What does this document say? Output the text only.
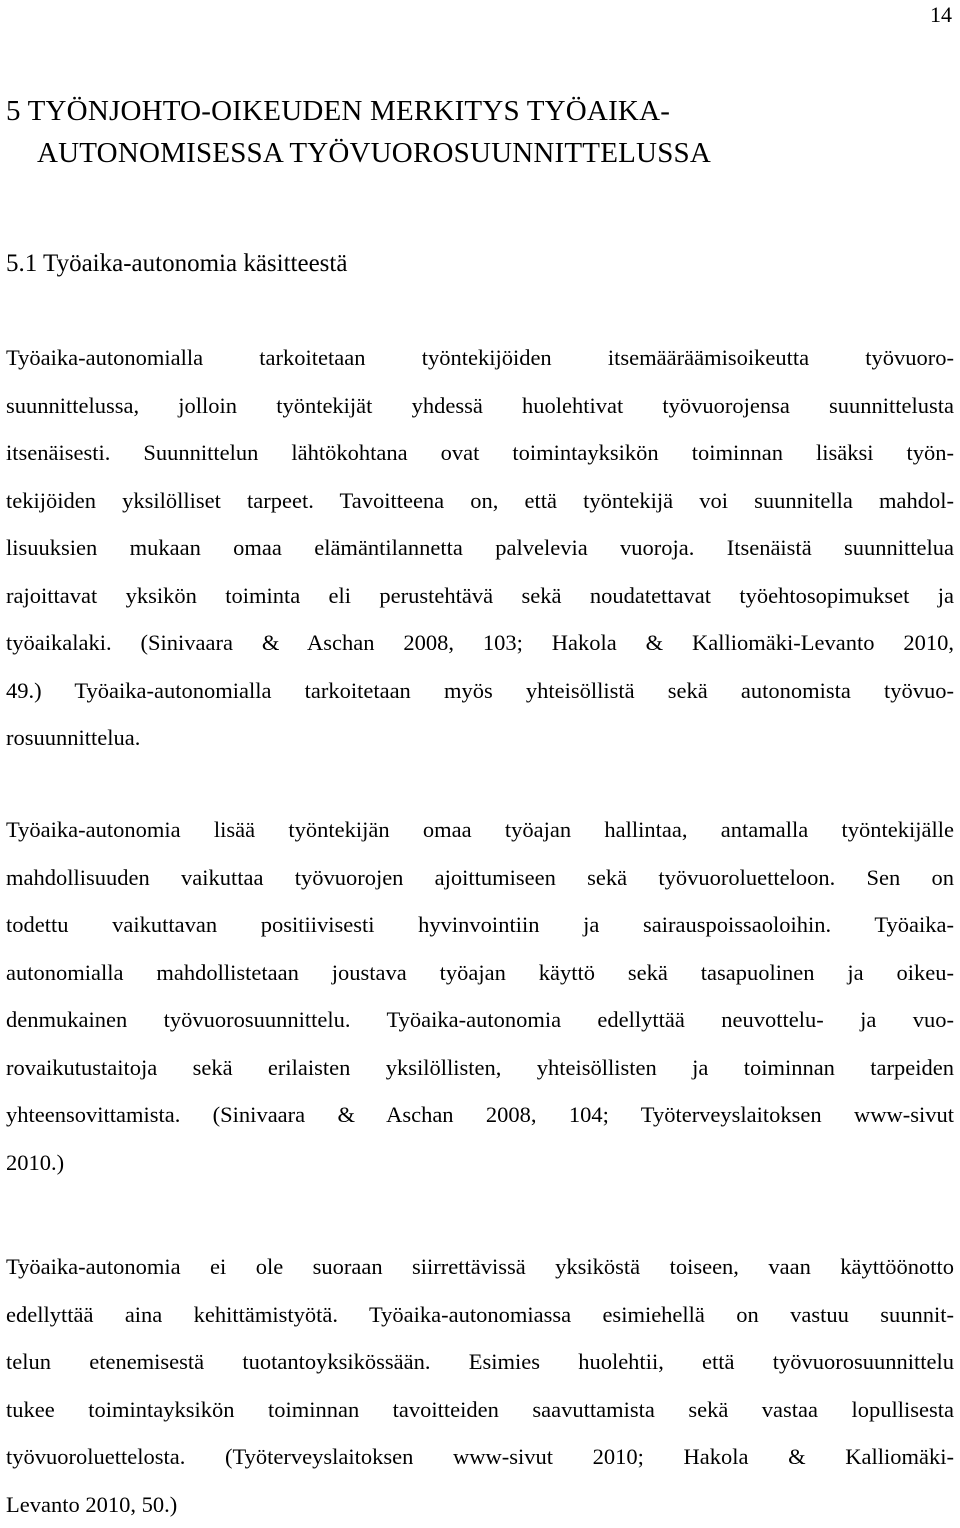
14
5 TYÖNJOHTO-OIKEUDEN MERKITYS TYÖAIKA-
AUTONOMISESSA TYÖVUOROSUUNNITTELUSSA
5.1 Työaika-autonomia käsitteestä
Työaika-autonomialla tarkoitetaan työntekijöiden itsemääräämisoikeutta työvuoro-
suunnittelussa, jolloin työntekijät yhdessä huolehtivat työvuorojensa suunnittelusta
itsenäisesti. Suunnittelun lähtökohtana ovat toimintayksikön toiminnan lisäksi työn-
tekijöiden yksilölliset tarpeet. Tavoitteena on, että työntekijä voi suunnitella mahdol-
lisuuksien mukaan omaa elämäntilannetta palvelevia vuoroja. Itsenäistä suunnittelua
rajoittavat yksikön toiminta eli perustehtävä sekä noudatettavat työehtosopimukset ja
työaikalaki. (Sinivaara & Aschan 2008, 103; Hakola & Kalliomäki-Levanto 2010,
49.) Työaika-autonomialla tarkoitetaan myös yhteisöllistä sekä autonomista työvuo-
rosuunnittelua.
Työaika-autonomia lisää työntekijän omaa työajan hallintaa, antamalla työntekijälle
mahdollisuuden vaikuttaa työvuorojen ajoittumiseen sekä työvuoroluetteloon. Sen on
todettu vaikuttavan positiivisesti hyvinvointiin ja sairauspoissaoloihin. Työaika-
autonomialla mahdollistetaan joustava työajan käyttö sekä tasapuolinen ja oikeu-
denmukainen työvuorosuunnittelu. Työaika-autonomia edellyttää neuvottelu- ja vuo-
rovaikutustaitoja sekä erilaisten yksilöllisten, yhteisöllisten ja toiminnan tarpeiden
yhteensovittamista. (Sinivaara & Aschan 2008, 104; Työterveyslaitoksen www-sivut
2010.)
Työaika-autonomia ei ole suoraan siirrettävissä yksiköstä toiseen, vaan käyttöönotto
edellyttää aina kehittämistyötä. Työaika-autonomiassa esimiehellä on vastuu suunnit-
telun etenemisestä tuotantoyksikössään. Esimies huolehtii, että työvuorosuunnittelu
tukee toimintayksikön toiminnan tavoitteiden saavuttamista sekä vastaa lopullisesta
työvuoroluettelosta. (Työterveyslaitoksen www-sivut 2010; Hakola & Kalliomäki-
Levanto 2010, 50.)
